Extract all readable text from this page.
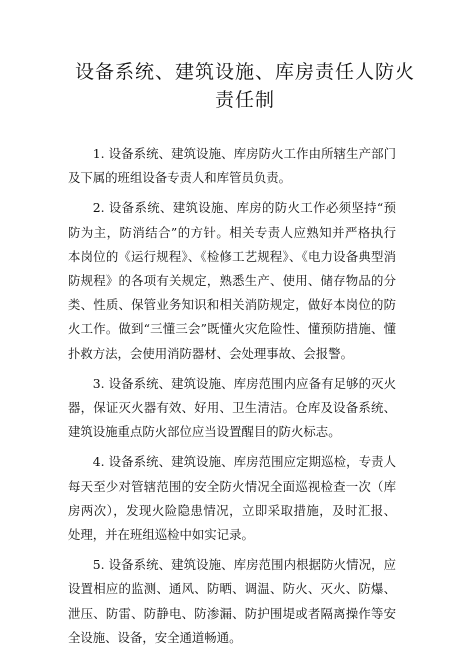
设备系统、建筑设施、库房责任人防火
责任制

1. 设备系统、建筑设施、库房防火工作由所辖生产部门及下属的班组设备专责人和库管员负责。

2. 设备系统、建筑设施、库房的防火工作必须坚持“预防为主，防消结合”的方针。相关专责人应熟知并严格执行本岗位的《运行规程》、《检修工艺规程》、《电力设备典型消防规程》的各项有关规定，熟悉生产、使用、储存物品的分类、性质、保管业务知识和相关消防规定，做好本岗位的防火工作。做到“三懂三会”既懂火灾危险性、懂预防措施、懂扑救方法，会使用消防器材、会处理事故、会报警。

3. 设备系统、建筑设施、库房范围内应备有足够的灭火器，保证灭火器有效、好用、卫生清洁。仓库及设备系统、建筑设施重点防火部位应当设置醒目的防火标志。

4. 设备系统、建筑设施、库房范围应定期巡检，专责人每天至少对管辖范围的安全防火情况全面巡视检查一次（库房两次），发现火险隐患情况，立即采取措施，及时汇报、处理，并在班组巡检中如实记录。

5. 设备系统、建筑设施、库房范围内根据防火情况，应设置相应的监测、通风、防晒、调温、防火、灭火、防爆、泄压、防雷、防静电、防渗漏、防护围堤或者隔离操作等安全设施、设备，安全通道畅通。
